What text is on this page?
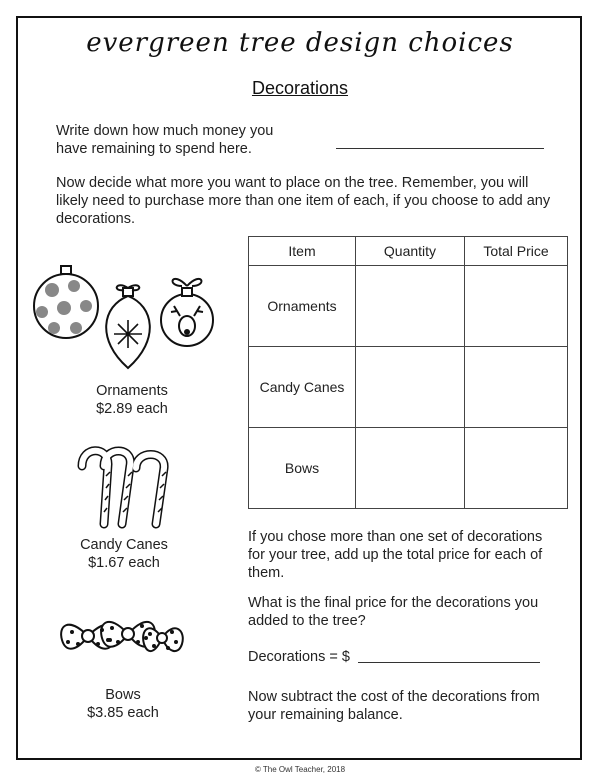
evergreen tree design choices
Decorations
Write down how much money you have remaining to spend here.
Now decide what more you want to place on the tree. Remember, you will likely need to purchase more than one item of each, if you choose to add any decorations.
Ornaments
$2.89 each
Candy Canes
$1.67 each
Bows
$3.85 each
Item	Quantity	Total Price
Ornaments		
Candy Canes		
Bows		
If you chose more than one set of decorations for your tree, add up the total price for each of them.
What is the final price for the decorations you added to the tree?
Decorations = $
Now subtract the cost of the decorations from your remaining balance.
© The Owl Teacher, 2018
